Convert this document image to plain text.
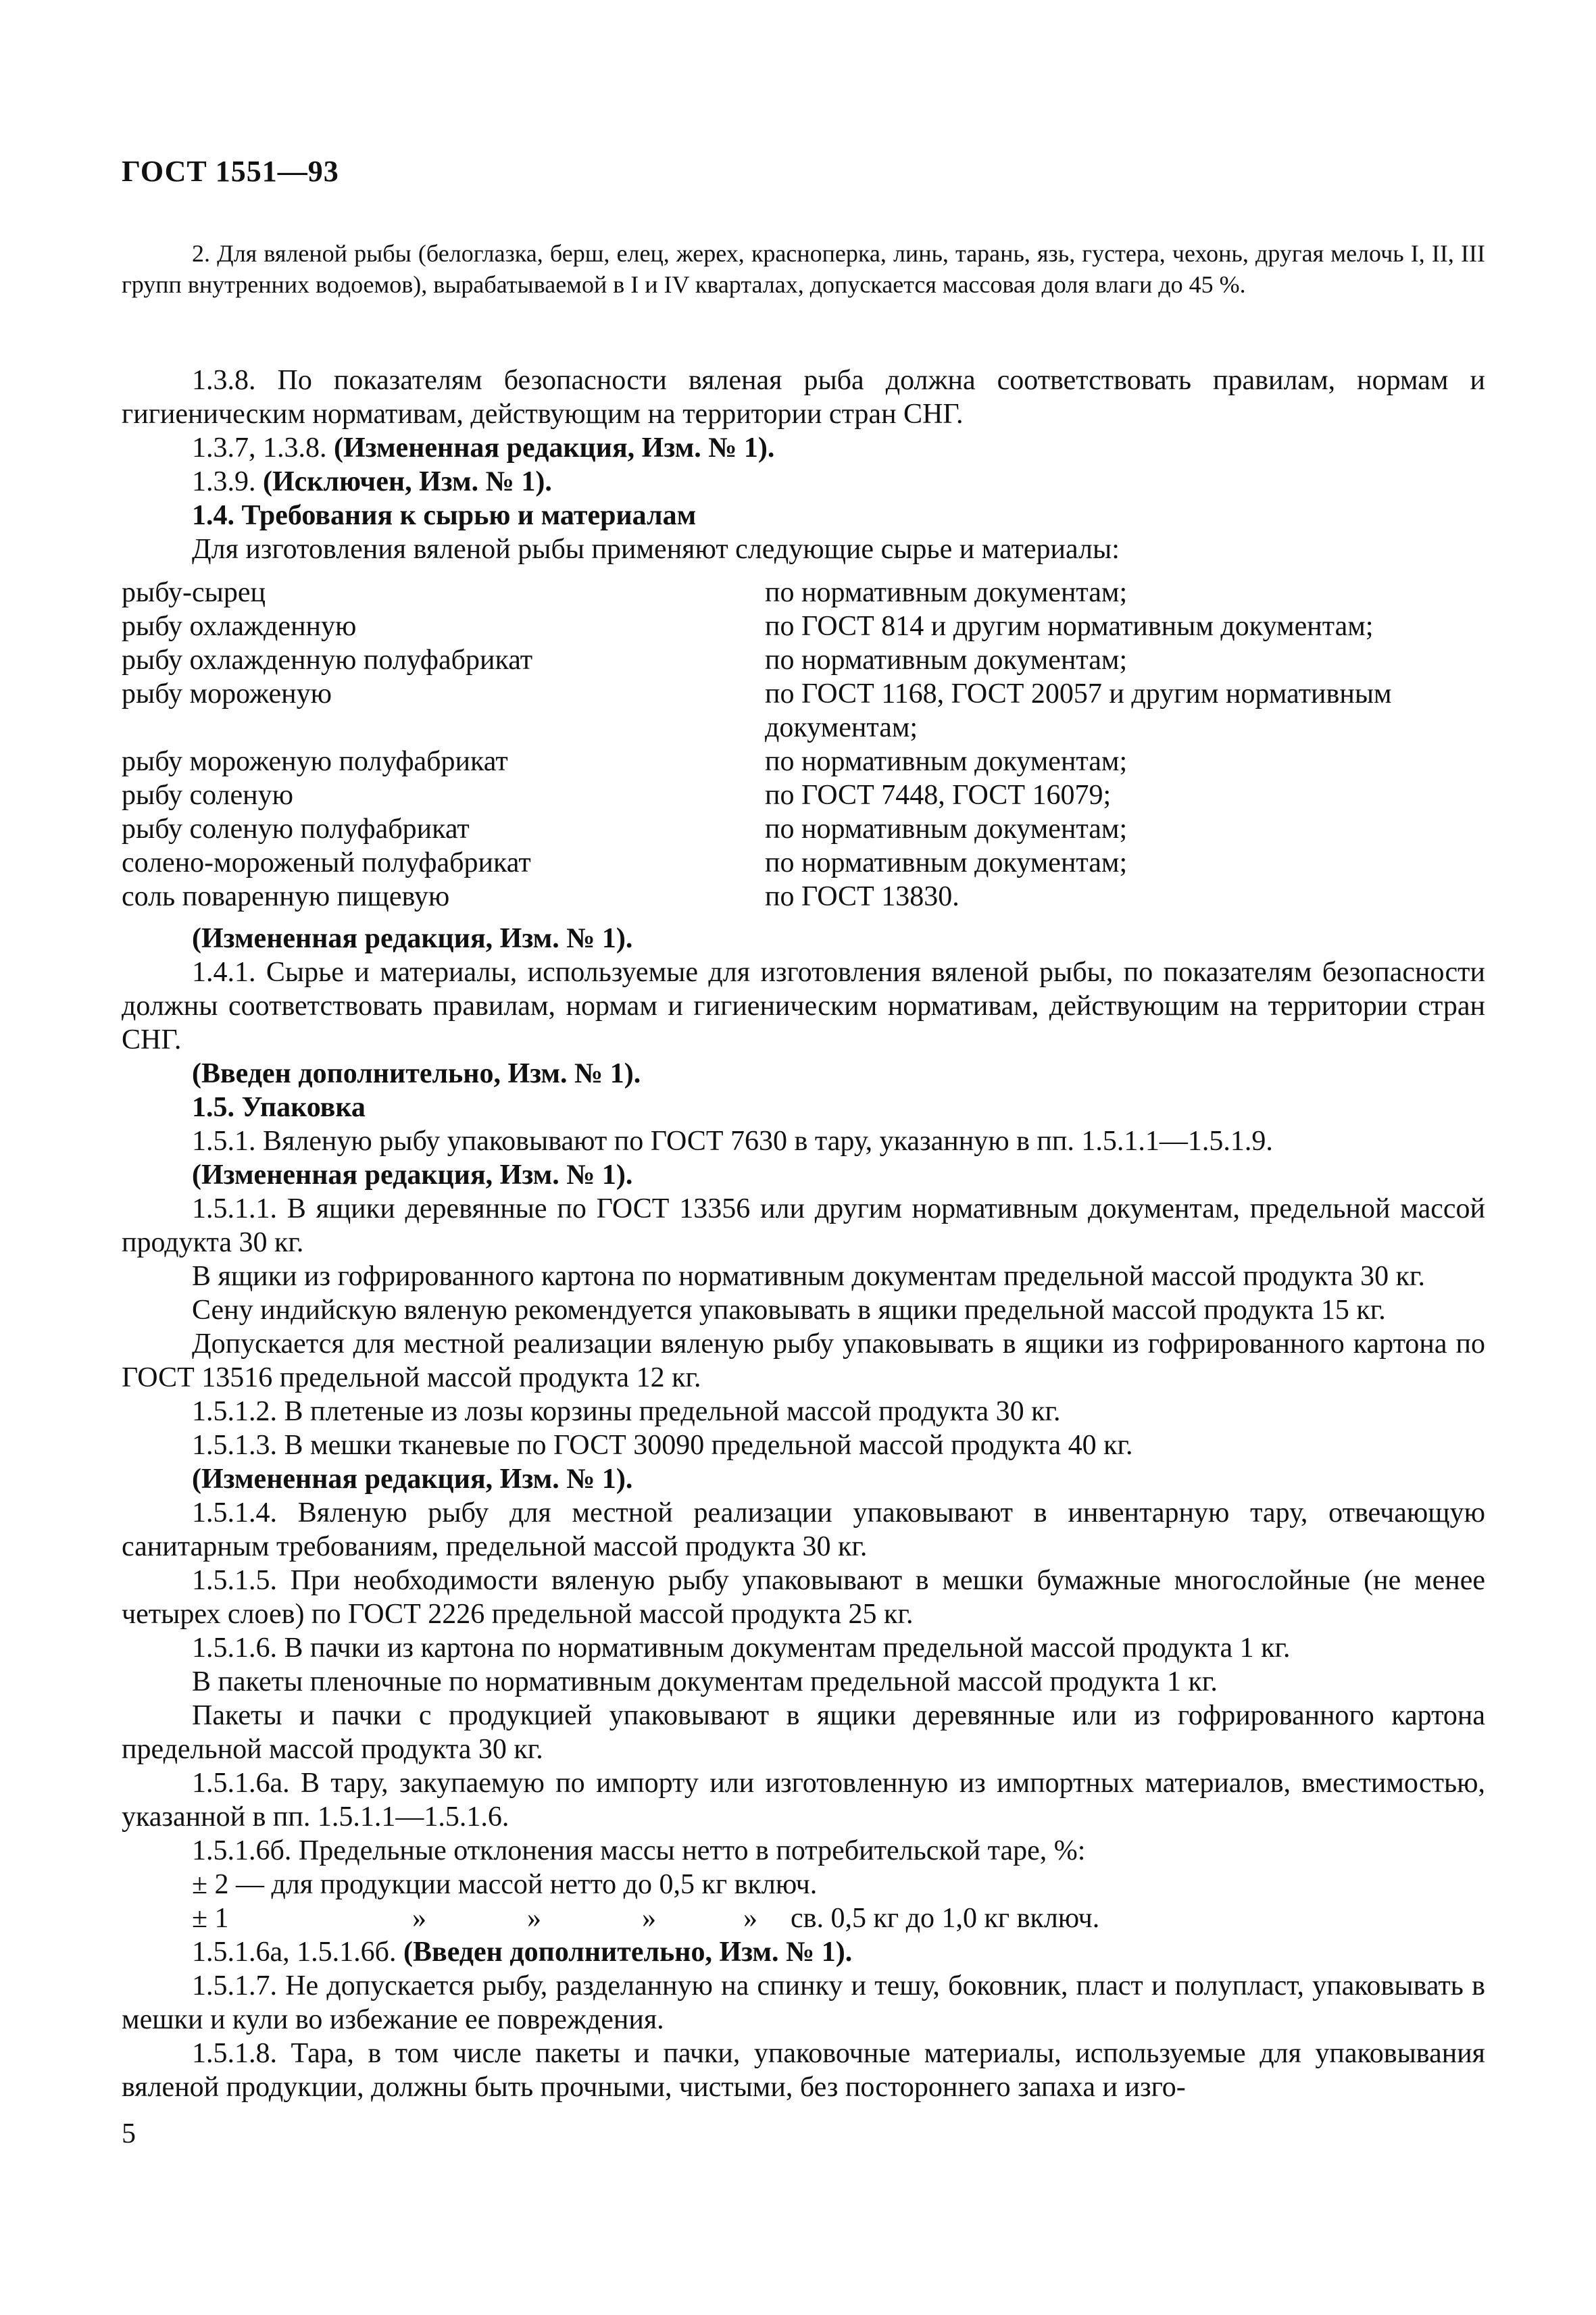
ГОСТ 1551—93

2. Для вяленой рыбы (белоглазка, берш, елец, жерех, красноперка, линь, тарань, язь, густера, чехонь, другая мелочь I, II, III групп внутренних водоемов), вырабатываемой в I и IV кварталах, допускается массовая доля влаги до 45 %.

1.3.8. По показателям безопасности вяленая рыба должна соответствовать правилам, нормам и гигиеническим нормативам, действующим на территории стран СНГ.

1.3.7, 1.3.8. (Измененная редакция, Изм. № 1).

1.3.9. (Исключен, Изм. № 1).

1.4. Требования к сырью и материалам

Для изготовления вяленой рыбы применяют следующие сырье и материалы:

рыбу-сырец	по нормативным документам;
рыбу охлажденную	по ГОСТ 814 и другим нормативным документам;
рыбу охлажденную полуфабрикат	по нормативным документам;
рыбу мороженую	по ГОСТ 1168, ГОСТ 20057 и другим нормативным документам;
рыбу мороженую полуфабрикат	по нормативным документам;
рыбу соленую	по ГОСТ 7448, ГОСТ 16079;
рыбу соленую полуфабрикат	по нормативным документам;
солено-мороженый полуфабрикат	по нормативным документам;
соль поваренную пищевую	по ГОСТ 13830.

(Измененная редакция, Изм. № 1).

1.4.1. Сырье и материалы, используемые для изготовления вяленой рыбы, по показателям безопасности должны соответствовать правилам, нормам и гигиеническим нормативам, действующим на территории стран СНГ.

(Введен дополнительно, Изм. № 1).

1.5. Упаковка

1.5.1. Вяленую рыбу упаковывают по ГОСТ 7630 в тару, указанную в пп. 1.5.1.1—1.5.1.9.

(Измененная редакция, Изм. № 1).

1.5.1.1. В ящики деревянные по ГОСТ 13356 или другим нормативным документам, предельной массой продукта 30 кг.

В ящики из гофрированного картона по нормативным документам предельной массой продукта 30 кг.

Сену индийскую вяленую рекомендуется упаковывать в ящики предельной массой продукта 15 кг.

Допускается для местной реализации вяленую рыбу упаковывать в ящики из гофрированного картона по ГОСТ 13516 предельной массой продукта 12 кг.

1.5.1.2. В плетеные из лозы корзины предельной массой продукта 30 кг.

1.5.1.3. В мешки тканевые по ГОСТ 30090 предельной массой продукта 40 кг.

(Измененная редакция, Изм. № 1).

1.5.1.4. Вяленую рыбу для местной реализации упаковывают в инвентарную тару, отвечающую санитарным требованиям, предельной массой продукта 30 кг.

1.5.1.5. При необходимости вяленую рыбу упаковывают в мешки бумажные многослойные (не менее четырех слоев) по ГОСТ 2226 предельной массой продукта 25 кг.

1.5.1.6. В пачки из картона по нормативным документам предельной массой продукта 1 кг.

В пакеты пленочные по нормативным документам предельной массой продукта 1 кг.

Пакеты и пачки с продукцией упаковывают в ящики деревянные или из гофрированного картона предельной массой продукта 30 кг.

1.5.1.6а. В тару, закупаемую по импорту или изготовленную из импортных материалов, вместимостью, указанной в пп. 1.5.1.1—1.5.1.6.

1.5.1.6б. Предельные отклонения массы нетто в потребительской таре, %:

± 2 — для продукции массой нетто до 0,5 кг включ.

± 1	»	»	»	» св. 0,5 кг до 1,0 кг включ.

1.5.1.6а, 1.5.1.6б. (Введен дополнительно, Изм. № 1).

1.5.1.7. Не допускается рыбу, разделанную на спинку и тешу, боковник, пласт и полупласт, упаковывать в мешки и кули во избежание ее повреждения.

1.5.1.8. Тара, в том числе пакеты и пачки, упаковочные материалы, используемые для упаковывания вяленой продукции, должны быть прочными, чистыми, без постороннего запаха и изго-

5
